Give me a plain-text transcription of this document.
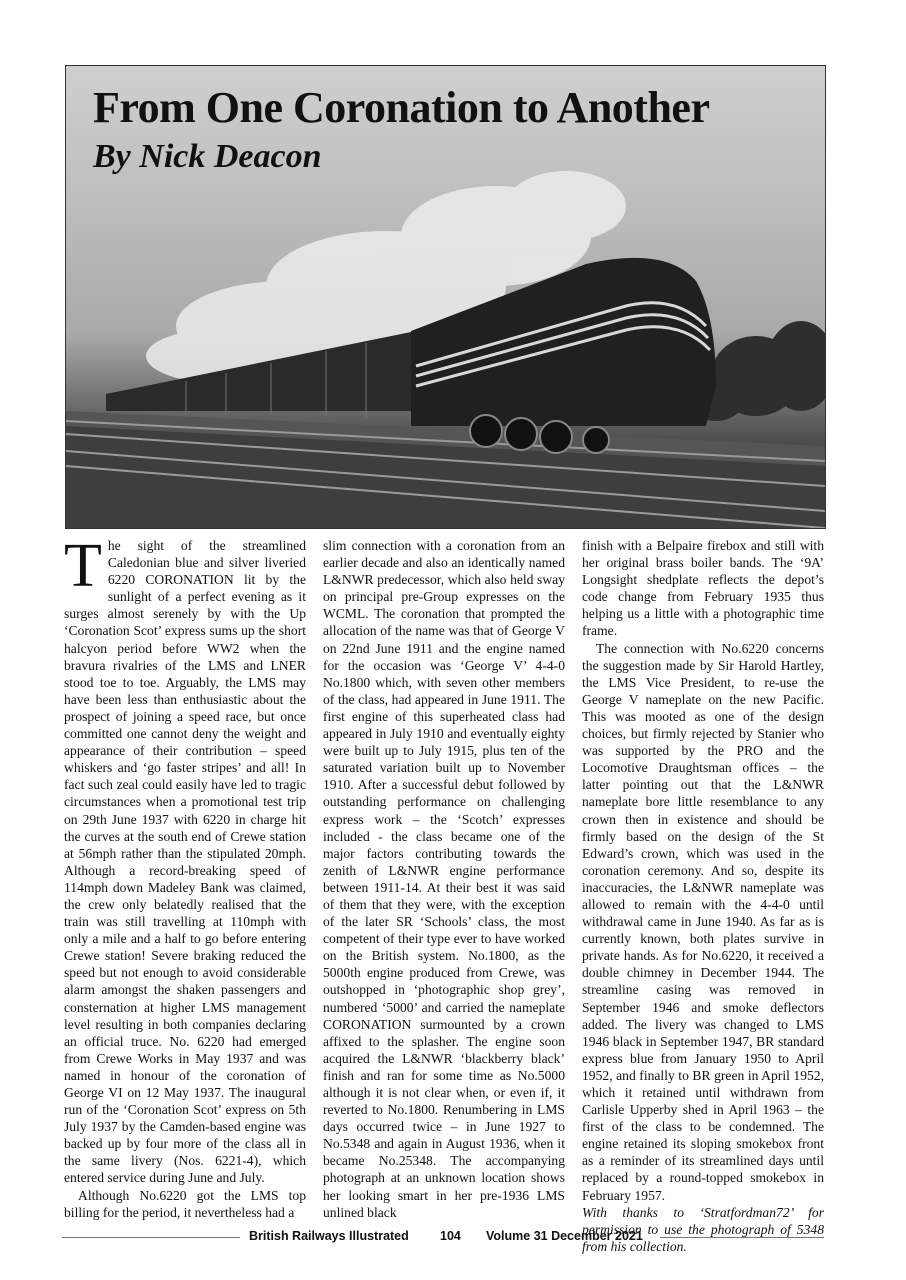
From One Coronation to Another
By Nick Deacon

The sight of the streamlined Caledonian blue and silver liveried 6220 CORONATION lit by the sunlight of a perfect evening as it surges almost serenely by with the Up ‘Coronation Scot’ express sums up the short halcyon period before WW2 when the bravura rivalries of the LMS and LNER stood toe to toe. Arguably, the LMS may have been less than enthusiastic about the prospect of joining a speed race, but once committed one cannot deny the weight and appearance of their contribution – speed whiskers and ‘go faster stripes’ and all! In fact such zeal could easily have led to tragic circumstances when a promotional test trip on 29th June 1937 with 6220 in charge hit the curves at the south end of Crewe station at 56mph rather than the stipulated 20mph. Although a record-breaking speed of 114mph down Madeley Bank was claimed, the crew only belatedly realised that the train was still travelling at 110mph with only a mile and a half to go before entering Crewe station! Severe braking reduced the speed but not enough to avoid considerable alarm amongst the shaken passengers and consternation at higher LMS management level resulting in both companies declaring an official truce. No. 6220 had emerged from Crewe Works in May 1937 and was named in honour of the coronation of George VI on 12 May 1937. The inaugural run of the ‘Coronation Scot’ express on 5th July 1937 by the Camden-based engine was backed up by four more of the class all in the same livery (Nos. 6221-4), which entered service during June and July.

Although No.6220 got the LMS top billing for the period, it nevertheless had a

slim connection with a coronation from an earlier decade and also an identically named L&NWR predecessor, which also held sway on principal pre-Group expresses on the WCML. The coronation that prompted the allocation of the name was that of George V on 22nd June 1911 and the engine named for the occasion was ‘George V’ 4-4-0 No.1800 which, with seven other members of the class, had appeared in June 1911. The first engine of this superheated class had appeared in July 1910 and eventually eighty were built up to July 1915, plus ten of the saturated variation built up to November 1910. After a successful debut followed by outstanding performance on challenging express work – the ‘Scotch’ expresses included - the class became one of the major factors contributing towards the zenith of L&NWR engine performance between 1911-14. At their best it was said of them that they were, with the exception of the later SR ‘Schools’ class, the most competent of their type ever to have worked on the British system. No.1800, as the 5000th engine produced from Crewe, was outshopped in ‘photographic shop grey’, numbered ‘5000’ and carried the nameplate CORONATION surmounted by a crown affixed to the splasher. The engine soon acquired the L&NWR ‘blackberry black’ finish and ran for some time as No.5000 although it is not clear when, or even if, it reverted to No.1800. Renumbering in LMS days occurred twice – in June 1927 to No.5348 and again in August 1936, when it became No.25348. The accompanying photograph at an unknown location shows her looking smart in her pre-1936 LMS unlined black

finish with a Belpaire firebox and still with her original brass boiler bands. The ‘9A’ Longsight shedplate reflects the depot’s code change from February 1935 thus helping us a little with a photographic time frame.

The connection with No.6220 concerns the suggestion made by Sir Harold Hartley, the LMS Vice President, to re-use the George V nameplate on the new Pacific. This was mooted as one of the design choices, but firmly rejected by Stanier who was supported by the PRO and the Locomotive Draughtsman offices – the latter pointing out that the L&NWR nameplate bore little resemblance to any crown then in existence and should be firmly based on the design of the St Edward’s crown, which was used in the coronation ceremony. And so, despite its inaccuracies, the L&NWR nameplate was allowed to remain with the 4-4-0 until withdrawal came in June 1940. As far as is currently known, both plates survive in private hands. As for No.6220, it received a double chimney in December 1944. The streamline casing was removed in September 1946 and smoke deflectors added. The livery was changed to LMS 1946 black in September 1947, BR standard express blue from January 1950 to April 1952, and finally to BR green in April 1952, which it retained until withdrawn from Carlisle Upperby shed in April 1963 – the first of the class to be condemned. The engine retained its sloping smokebox front as a reminder of its streamlined days until replaced by a round-topped smokebox in February 1957.

With thanks to ‘Stratfordman72’ for permission to use the photograph of 5348 from his collection.

British Railways Illustrated 104 Volume 31 December 2021
